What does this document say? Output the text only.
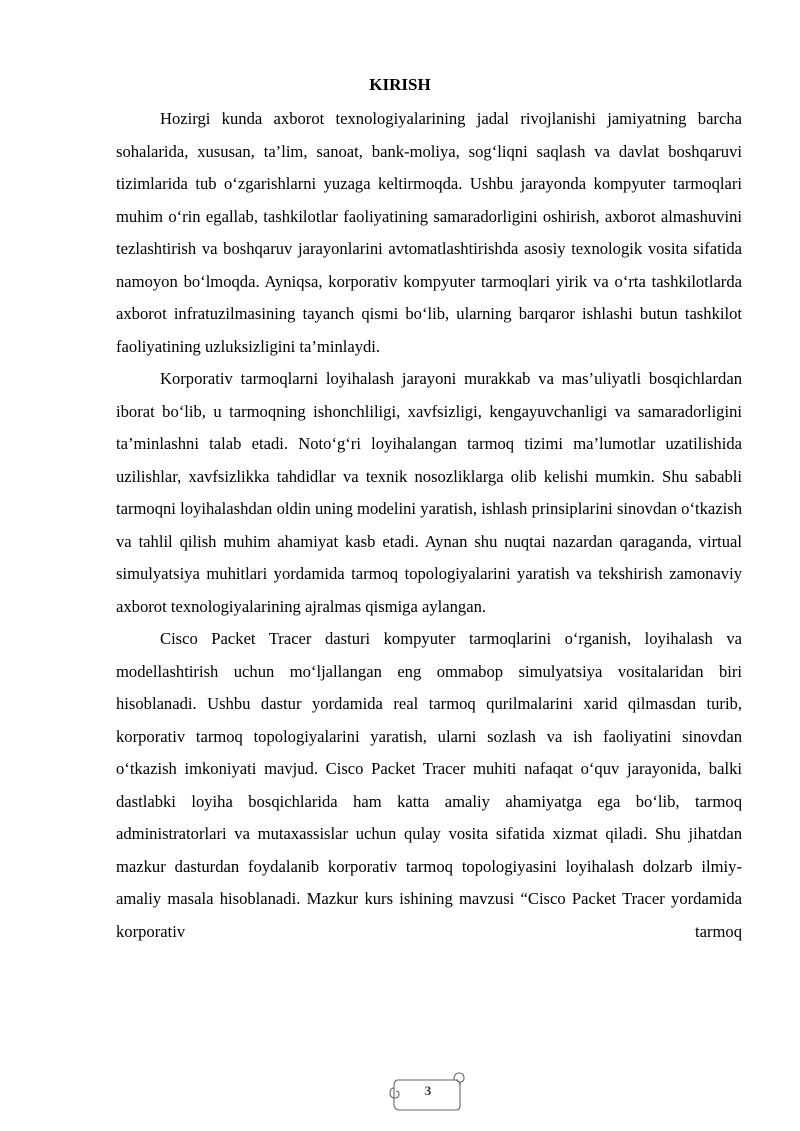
KIRISH

Hozirgi kunda axborot texnologiyalarining jadal rivojlanishi jamiyatning barcha sohalarida, xususan, ta’lim, sanoat, bank-moliya, sog‘liqni saqlash va davlat boshqaruvi tizimlarida tub o‘zgarishlarni yuzaga keltirmoqda. Ushbu jarayonda kompyuter tarmoqlari muhim o‘rin egallab, tashkilotlar faoliyatining samaradorligini oshirish, axborot almashuvini tezlashtirish va boshqaruv jarayonlarini avtomatlashtirishda asosiy texnologik vosita sifatida namoyon bo‘lmoqda. Ayniqsa, korporativ kompyuter tarmoqlari yirik va o‘rta tashkilotlarda axborot infratuzilmasining tayanch qismi bo‘lib, ularning barqaror ishlashi butun tashkilot faoliyatining uzluksizligini ta’minlaydi.

Korporativ tarmoqlarni loyihalash jarayoni murakkab va mas’uliyatli bosqichlardan iborat bo‘lib, u tarmoqning ishonchliligi, xavfsizligi, kengayuvchanligi va samaradorligini ta’minlashni talab etadi. Noto‘g‘ri loyihalangan tarmoq tizimi ma’lumotlar uzatilishida uzilishlar, xavfsizlikka tahdidlar va texnik nosozliklarga olib kelishi mumkin. Shu sababli tarmoqni loyihalashdan oldin uning modelini yaratish, ishlash prinsiplarini sinovdan o‘tkazish va tahlil qilish muhim ahamiyat kasb etadi. Aynan shu nuqtai nazardan qaraganda, virtual simulyatsiya muhitlari yordamida tarmoq topologiyalarini yaratish va tekshirish zamonaviy axborot texnologiyalarining ajralmas qismiga aylangan.

Cisco Packet Tracer dasturi kompyuter tarmoqlarini o‘rganish, loyihalash va modellashtirish uchun mo‘ljallangan eng ommabop simulyatsiya vositalaridan biri hisoblanadi. Ushbu dastur yordamida real tarmoq qurilmalarini xarid qilmasdan turib, korporativ tarmoq topologiyalarini yaratish, ularni sozlash va ish faoliyatini sinovdan o‘tkazish imkoniyati mavjud. Cisco Packet Tracer muhiti nafaqat o‘quv jarayonida, balki dastlabki loyiha bosqichlarida ham katta amaliy ahamiyatga ega bo‘lib, tarmoq administratorlari va mutaxassislar uchun qulay vosita sifatida xizmat qiladi. Shu jihatdan mazkur dasturdan foydalanib korporativ tarmoq topologiyasini loyihalash dolzarb ilmiy-amaliy masala hisoblanadi. Mazkur kurs ishining mavzusi “Cisco Packet Tracer yordamida korporativ tarmoq

3
